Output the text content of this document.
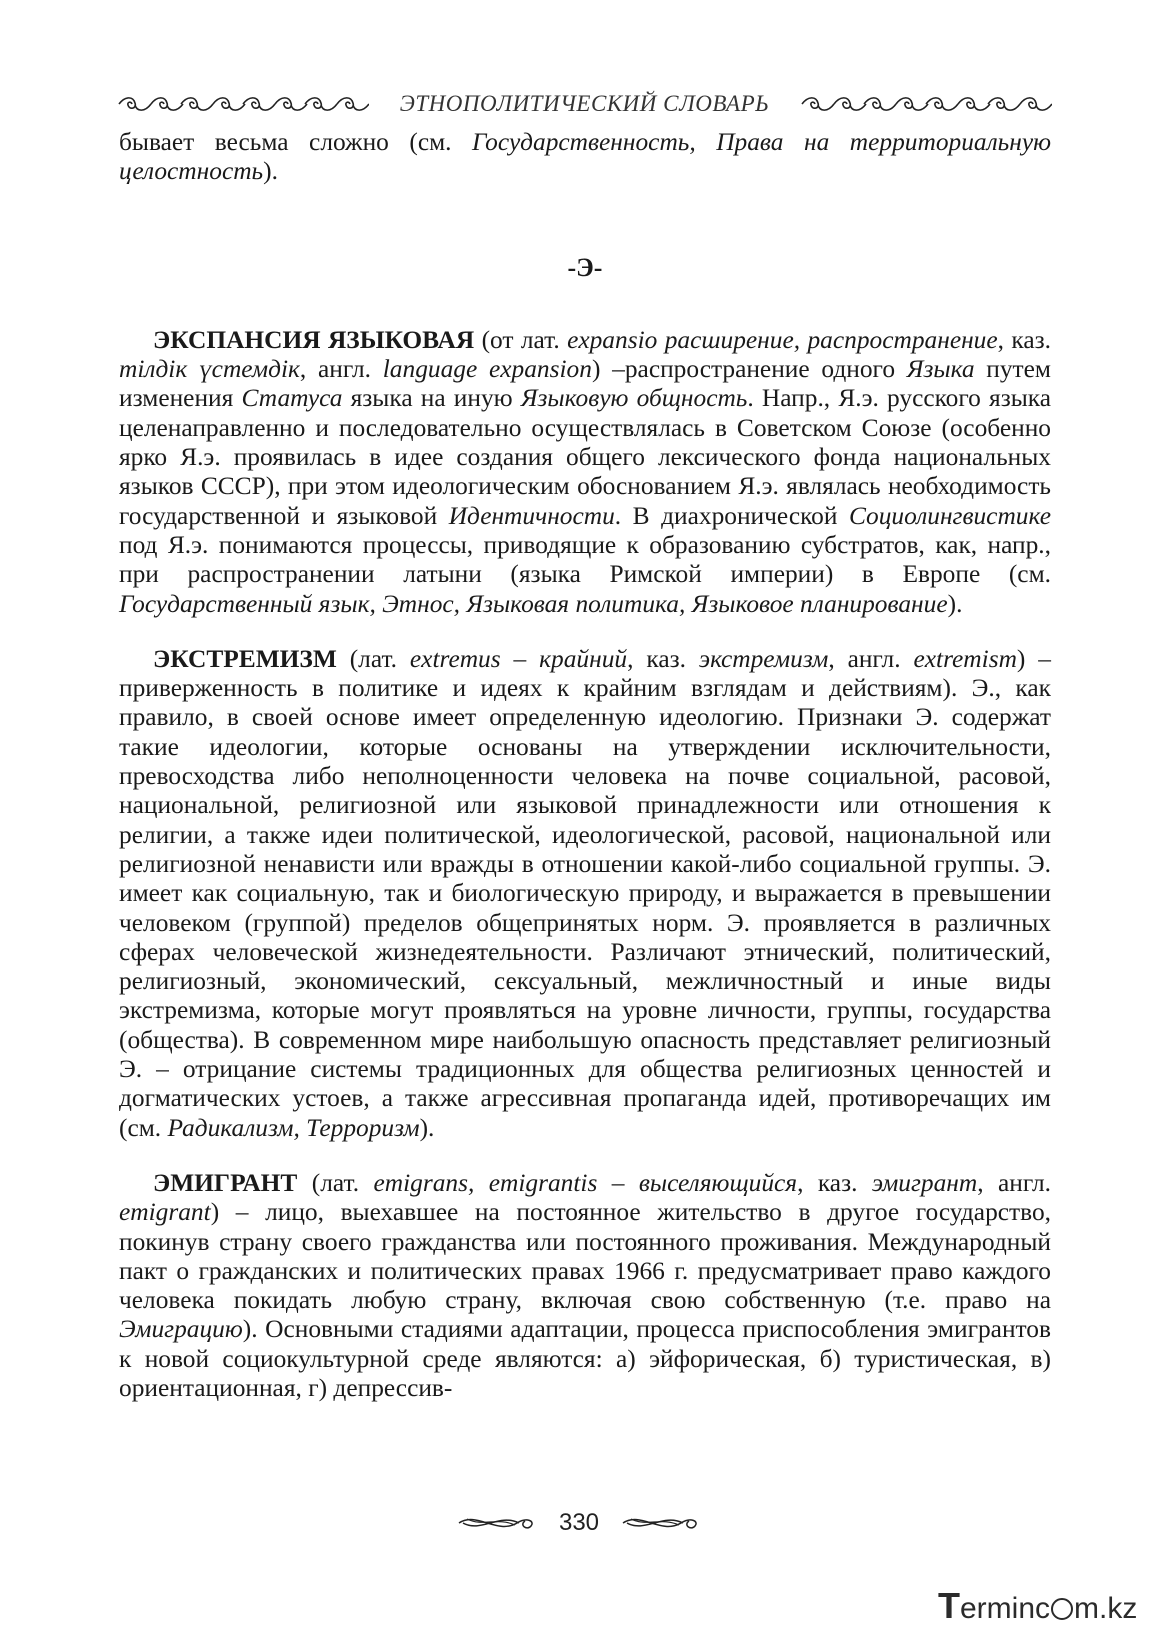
ЭТНОПОЛИТИЧЕСКИЙ СЛОВАРЬ

бывает весьма сложно (см. Государственность, Права на территориальную целостность).

-Э-

ЭКСПАНСИЯ ЯЗЫКОВАЯ (от лат. expansio расширение, распространение, каз. тілдік үстемдік, англ. language expansion) –распространение одного Языка путем изменения Статуса языка на иную Языковую общность. Напр., Я.э. русского языка целенаправленно и последовательно осуществлялась в Советском Союзе (особенно ярко Я.э. проявилась в идее создания общего лексического фонда национальных языков СССР), при этом идеологическим обоснованием Я.э. являлась необходимость государственной и языковой Идентичности. В диахронической Социолингвистике под Я.э. понимаются процессы, приводящие к образованию субстратов, как, напр., при распространении латыни (языка Римской империи) в Европе (см. Государственный язык, Этнос, Языковая политика, Языковое планирование).

ЭКСТРЕМИЗМ (лат. extremus – крайний, каз. экстремизм, англ. extremism) – приверженность в политике и идеях к крайним взглядам и действиям). Э., как правило, в своей основе имеет определенную идеологию. Признаки Э. содержат такие идеологии, которые основаны на утверждении исключительности, превосходства либо неполноценности человека на почве социальной, расовой, национальной, религиозной или языковой принадлежности или отношения к религии, а также идеи политической, идеологической, расовой, национальной или религиозной ненависти или вражды в отношении какой-либо социальной группы. Э. имеет как социальную, так и биологическую природу, и выражается в превышении человеком (группой) пределов общепринятых норм. Э. проявляется в различных сферах человеческой жизнедеятельности. Различают этнический, политический, религиозный, экономический, сексуальный, межличностный и иные виды экстремизма, которые могут проявляться на уровне личности, группы, государства (общества). В современном мире наибольшую опасность представляет религиозный Э. – отрицание системы традиционных для общества религиозных ценностей и догматических устоев, а также агрессивная пропаганда идей, противоречащих им (см. Радикализм, Терроризм).

ЭМИГРАНТ (лат. emigrans, emigrantis – выселяющийся, каз. эмигрант, англ. emigrant) – лицо, выехавшее на постоянное жительство в другое государство, покинув страну своего гражданства или постоянного проживания. Международный пакт о гражданских и политических правах 1966 г. предусматривает право каждого человека покидать любую страну, включая свою собственную (т.е. право на Эмиграцию). Основными стадиями адаптации, процесса приспособления эмигрантов к новой социокультурной среде являются: а) эйфорическая, б) туристическая, в) ориентационная, г) депрессив-

330
Terminc m.kz
